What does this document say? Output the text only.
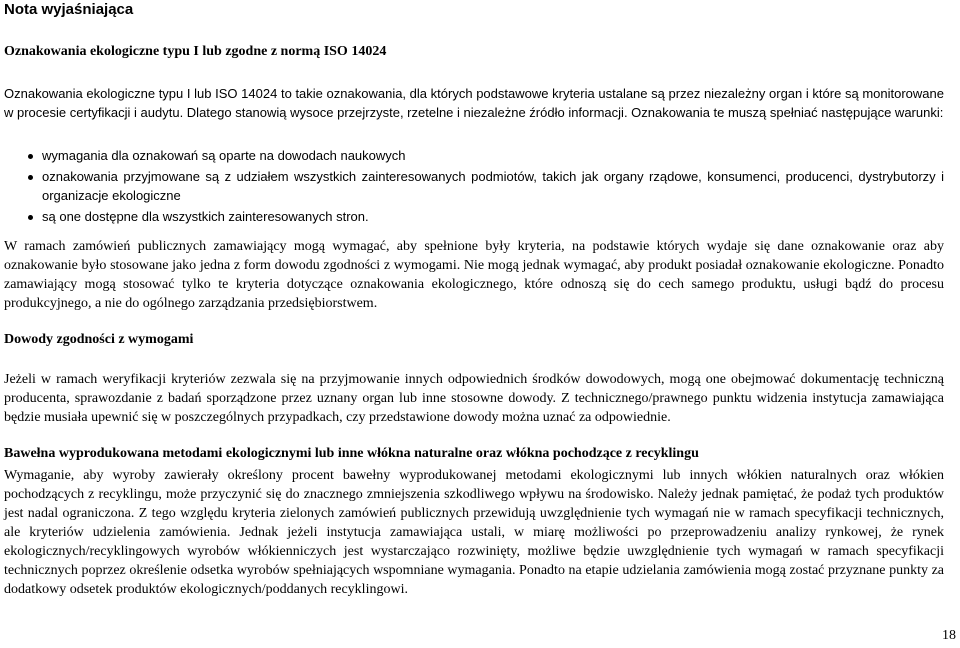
Nota wyjaśniająca
Oznakowania ekologiczne typu I lub zgodne z normą ISO 14024

Oznakowania ekologiczne typu I lub ISO 14024 to takie oznakowania, dla których podstawowe kryteria ustalane są przez niezależny organ i które są monitorowane w procesie certyfikacji i audytu. Dlatego stanowią wysoce przejrzyste, rzetelne i niezależne źródło informacji. Oznakowania te muszą spełniać następujące warunki:

wymagania dla oznakowań są oparte na dowodach naukowych
oznakowania przyjmowane są z udziałem wszystkich zainteresowanych podmiotów, takich jak organy rządowe, konsumenci, producenci, dystrybutorzy i organizacje ekologiczne
są one dostępne dla wszystkich zainteresowanych stron.

W ramach zamówień publicznych zamawiający mogą wymagać, aby spełnione były kryteria, na podstawie których wydaje się dane oznakowanie oraz aby oznakowanie było stosowane jako jedna z form dowodu zgodności z wymogami. Nie mogą jednak wymagać, aby produkt posiadał oznakowanie ekologiczne. Ponadto zamawiający mogą stosować tylko te kryteria dotyczące oznakowania ekologicznego, które odnoszą się do cech samego produktu, usługi bądź do procesu produkcyjnego, a nie do ogólnego zarządzania przedsiębiorstwem.

Dowody zgodności z wymogami

Jeżeli w ramach weryfikacji kryteriów zezwala się na przyjmowanie innych odpowiednich środków dowodowych, mogą one obejmować dokumentację techniczną producenta, sprawozdanie z badań sporządzone przez uznany organ lub inne stosowne dowody. Z technicznego/prawnego punktu widzenia instytucja zamawiająca będzie musiała upewnić się w poszczególnych przypadkach, czy przedstawione dowody można uznać za odpowiednie.

Bawełna wyprodukowana metodami ekologicznymi lub inne włókna naturalne oraz włókna pochodzące z recyklingu

Wymaganie, aby wyroby zawierały określony procent bawełny wyprodukowanej metodami ekologicznymi lub innych włókien naturalnych oraz włókien pochodzących z recyklingu, może przyczynić się do znacznego zmniejszenia szkodliwego wpływu na środowisko. Należy jednak pamiętać, że podaż tych produktów jest nadal ograniczona. Z tego względu kryteria zielonych zamówień publicznych przewidują uwzględnienie tych wymagań nie w ramach specyfikacji technicznych, ale kryteriów udzielenia zamówienia. Jednak jeżeli instytucja zamawiająca ustali, w miarę możliwości po przeprowadzeniu analizy rynkowej, że rynek ekologicznych/recyklingowych wyrobów włókienniczych jest wystarczająco rozwinięty, możliwe będzie uwzględnienie tych wymagań w ramach specyfikacji technicznych poprzez określenie odsetka wyrobów spełniających wspomniane wymagania. Ponadto na etapie udzielania zamówienia mogą zostać przyznane punkty za dodatkowy odsetek produktów ekologicznych/poddanych recyklingowi.

18
